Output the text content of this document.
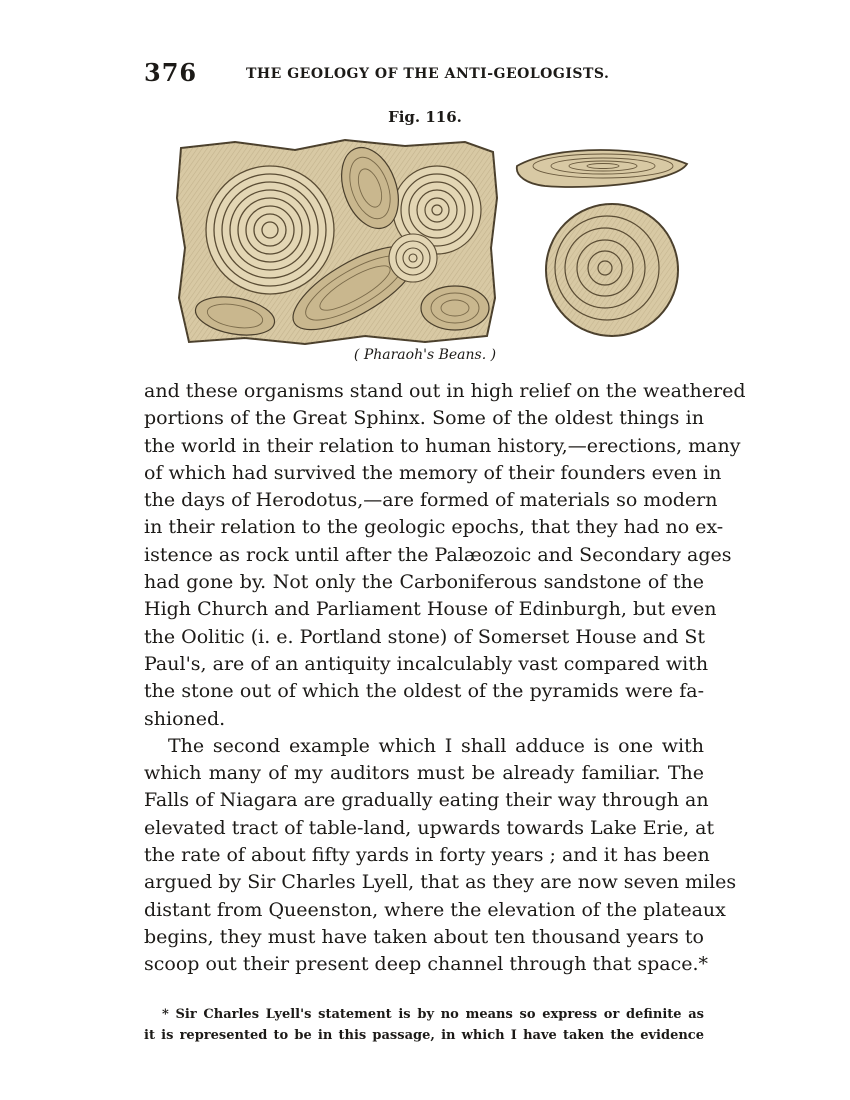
376	THE GEOLOGY OF THE ANTI-GEOLOGISTS.
Fig. 116.
( Pharaoh's Beans. )
and these organisms stand out in high relief on the weathered
portions of the Great Sphinx. Some of the oldest things in
the world in their relation to human history,—erections, many
of which had survived the memory of their founders even in
the days of Herodotus,—are formed of materials so modern
in their relation to the geologic epochs, that they had no ex-
istence as rock until after the Palæozoic and Secondary ages
had gone by. Not only the Carboniferous sandstone of the
High Church and Parliament House of Edinburgh, but even
the Oolitic (i. e. Portland stone) of Somerset House and St
Paul's, are of an antiquity incalculably vast compared with
the stone out of which the oldest of the pyramids were fa-
shioned.
The second example which I shall adduce is one with
which many of my auditors must be already familiar. The
Falls of Niagara are gradually eating their way through an
elevated tract of table-land, upwards towards Lake Erie, at
the rate of about fifty yards in forty years ; and it has been
argued by Sir Charles Lyell, that as they are now seven miles
distant from Queenston, where the elevation of the plateaux
begins, they must have taken about ten thousand years to
scoop out their present deep channel through that space.*
* Sir Charles Lyell's statement is by no means so express or definite as
it is represented to be in this passage, in which I have taken the evidence
